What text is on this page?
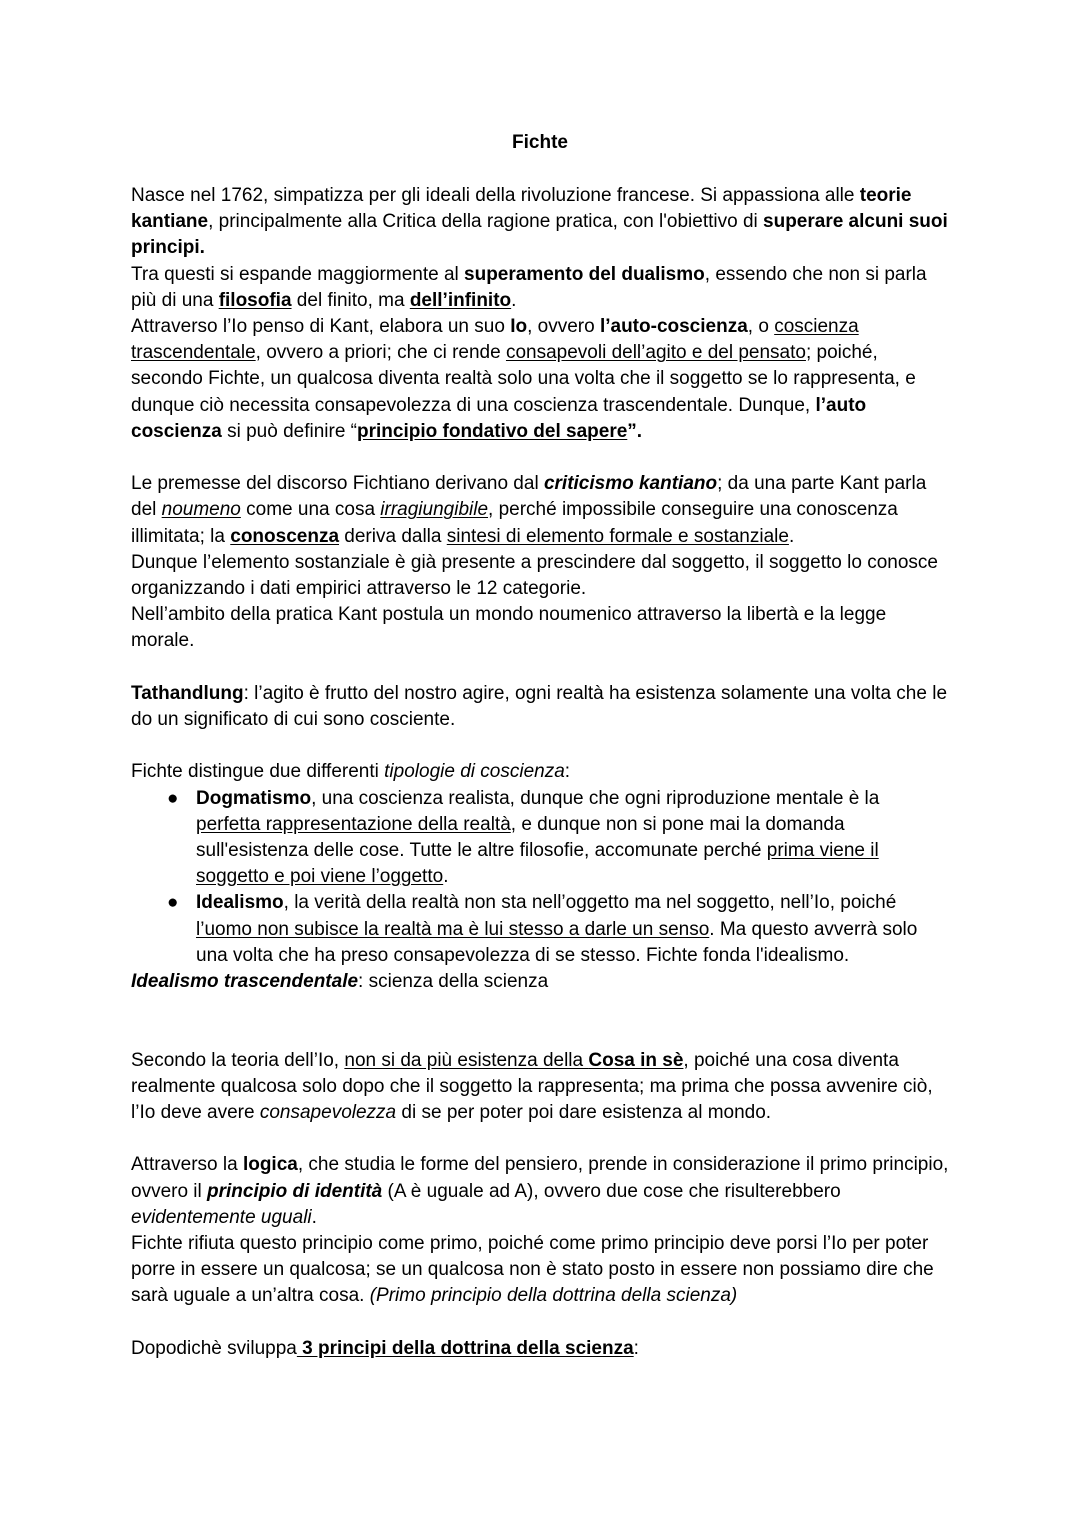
Fichte

Nasce nel 1762, simpatizza per gli ideali della rivoluzione francese. Si appassiona alle teorie kantiane, principalmente alla Critica della ragione pratica, con l'obiettivo di superare alcuni suoi principi.

Tra questi si espande maggiormente al superamento del dualismo, essendo che non si parla più di una filosofia del finito, ma dell’infinito.

Attraverso l’Io penso di Kant, elabora un suo Io, ovvero l’auto-coscienza, o coscienza trascendentale, ovvero a priori; che ci rende consapevoli dell’agito e del pensato; poiché, secondo Fichte, un qualcosa diventa realtà solo una volta che il soggetto se lo rappresenta, e dunque ciò necessita consapevolezza di una coscienza trascendentale. Dunque, l’auto coscienza si può definire “principio fondativo del sapere”.

Le premesse del discorso Fichtiano derivano dal criticismo kantiano; da una parte Kant parla del noumeno come una cosa irragiungibile, perché impossibile conseguire una conoscenza illimitata; la conoscenza deriva dalla sintesi di elemento formale e sostanziale.

Dunque l’elemento sostanziale è già presente a prescindere dal soggetto, il soggetto lo conosce organizzando i dati empirici attraverso le 12 categorie.

Nell’ambito della pratica Kant postula un mondo noumenico attraverso la libertà e la legge morale.

Tathandlung: l’agito è frutto del nostro agire, ogni realtà ha esistenza solamente una volta che le do un significato di cui sono cosciente.

Fichte distingue due differenti tipologie di coscienza:

● Dogmatismo, una coscienza realista, dunque che ogni riproduzione mentale è la perfetta rappresentazione della realtà, e dunque non si pone mai la domanda sull'esistenza delle cose. Tutte le altre filosofie, accomunate perché prima viene il soggetto e poi viene l’oggetto.
● Idealismo, la verità della realtà non sta nell’oggetto ma nel soggetto, nell’Io, poiché l’uomo non subisce la realtà ma è lui stesso a darle un senso. Ma questo avverrà solo una volta che ha preso consapevolezza di se stesso. Fichte fonda l'idealismo.

Idealismo trascendentale: scienza della scienza

Secondo la teoria dell’Io, non si da più esistenza della Cosa in sè, poiché una cosa diventa realmente qualcosa solo dopo che il soggetto la rappresenta; ma prima che possa avvenire ciò, l’Io deve avere consapevolezza di se per poter poi dare esistenza al mondo.

Attraverso la logica, che studia le forme del pensiero, prende in considerazione il primo principio, ovvero il principio di identità (A è uguale ad A), ovvero due cose che risulterebbero evidentemente uguali.

Fichte rifiuta questo principio come primo, poiché come primo principio deve porsi l’Io per poter porre in essere un qualcosa; se un qualcosa non è stato posto in essere non possiamo dire che sarà uguale a un’altra cosa. (Primo principio della dottrina della scienza)

Dopodichè sviluppa 3 principi della dottrina della scienza:
